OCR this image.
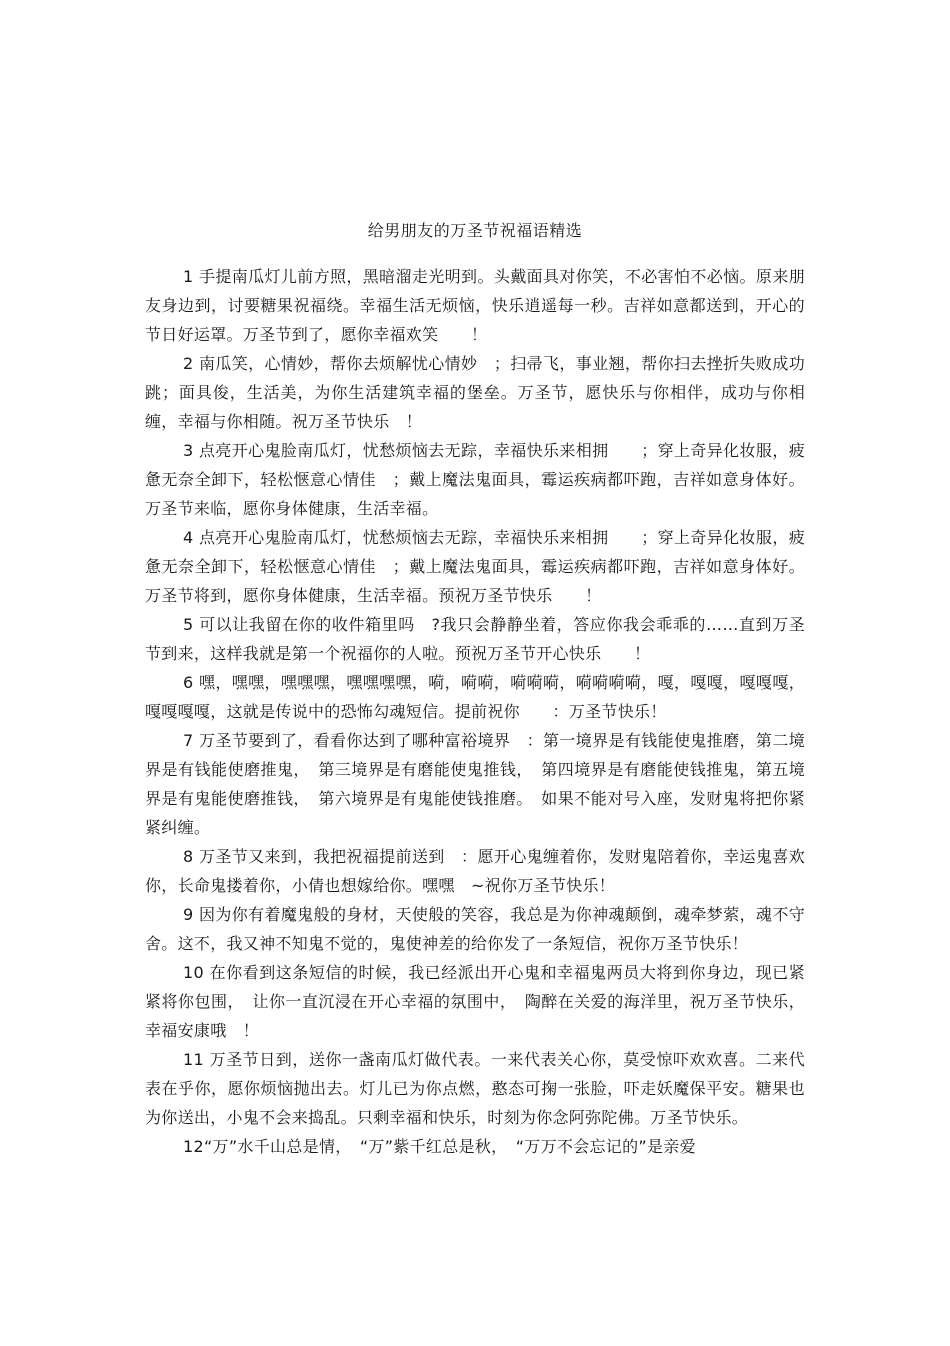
给男朋友的万圣节祝福语精选

1 手提南瓜灯儿前方照，黑暗溜走光明到。头戴面具对你笑，不必害怕不必恼。原来朋友身边到，讨要糖果祝福绕。幸福生活无烦恼，快乐逍遥每一秒。吉祥如意都送到，开心的节日好运罩。万圣节到了，愿你幸福欢笑　　！

2 南瓜笑，心情妙，帮你去烦解忧心情妙　；扫帚飞，事业翘，帮你扫去挫折失败成功跳；面具俊，生活美，为你生活建筑幸福的堡垒。万圣节，愿快乐与你相伴，成功与你相缠，幸福与你相随。祝万圣节快乐　！

3 点亮开心鬼脸南瓜灯，忧愁烦恼去无踪，幸福快乐来相拥　　；穿上奇异化妆服，疲惫无奈全卸下，轻松惬意心情佳　；戴上魔法鬼面具，霉运疾病都吓跑，吉祥如意身体好。万圣节来临，愿你身体健康，生活幸福。

4 点亮开心鬼脸南瓜灯，忧愁烦恼去无踪，幸福快乐来相拥　　；穿上奇异化妆服，疲惫无奈全卸下，轻松惬意心情佳　；戴上魔法鬼面具，霉运疾病都吓跑，吉祥如意身体好。万圣节将到，愿你身体健康，生活幸福。预祝万圣节快乐　　！

5 可以让我留在你的收件箱里吗　?我只会静静坐着，答应你我会乖乖的……直到万圣节到来，这样我就是第一个祝福你的人啦。预祝万圣节开心快乐　　！

6 嘿，嘿嘿，嘿嘿嘿，嘿嘿嘿嘿，嗬，嗬嗬，嗬嗬嗬，嗬嗬嗬嗬，嘎，嘎嘎，嘎嘎嘎，嘎嘎嘎嘎，这就是传说中的恐怖勾魂短信。提前祝你　　：万圣节快乐！

7 万圣节要到了，看看你达到了哪种富裕境界　：第一境界是有钱能使鬼推磨，第二境界是有钱能使磨推鬼，　第三境界是有磨能使鬼推钱，　第四境界是有磨能使钱推鬼，第五境界是有鬼能使磨推钱，　第六境界是有鬼能使钱推磨。　如果不能对号入座，发财鬼将把你紧紧纠缠。

8 万圣节又来到，我把祝福提前送到　：愿开心鬼缠着你，发财鬼陪着你，幸运鬼喜欢你，长命鬼搂着你，小倩也想嫁给你。嘿嘿　~祝你万圣节快乐！

9 因为你有着魔鬼般的身材，天使般的笑容，我总是为你神魂颠倒，魂牵梦萦，魂不守舍。这不，我又神不知鬼不觉的，鬼使神差的给你发了一条短信，祝你万圣节快乐！

10 在你看到这条短信的时候，我已经派出开心鬼和幸福鬼两员大将到你身边，现已紧紧将你包围，　让你一直沉浸在开心幸福的氛围中，　陶醉在关爱的海洋里，祝万圣节快乐，幸福安康哦　！

11 万圣节日到，送你一盏南瓜灯做代表。一来代表关心你，莫受惊吓欢欢喜。二来代表在乎你，愿你烦恼抛出去。灯儿已为你点燃，憨态可掬一张脸，吓走妖魔保平安。糖果也为你送出，小鬼不会来捣乱。只剩幸福和快乐，时刻为你念阿弥陀佛。万圣节快乐。

12“万”水千山总是情，　“万”紫千红总是秋，　“万万不会忘记的”是亲爱
